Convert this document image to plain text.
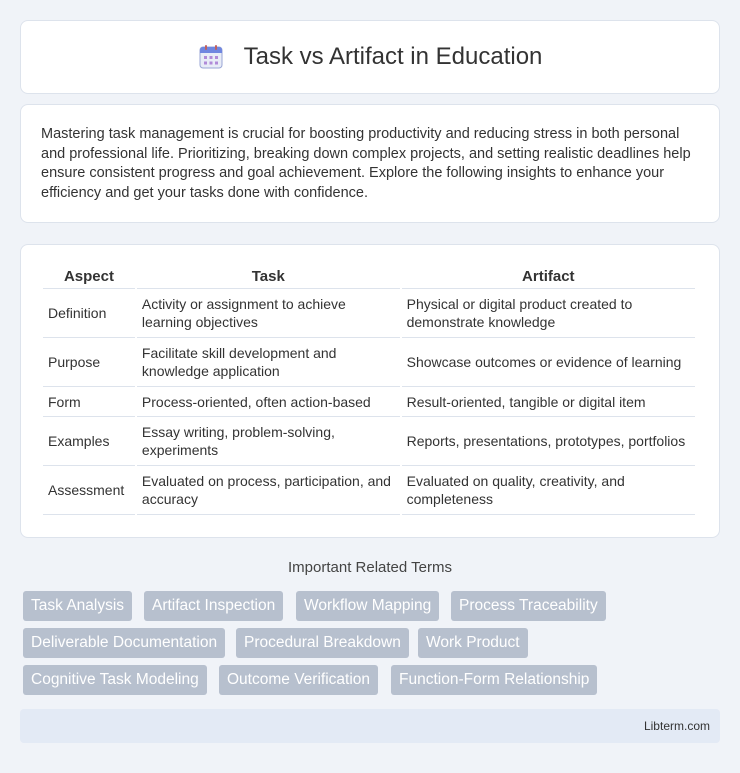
Task vs Artifact in Education

Mastering task management is crucial for boosting productivity and reducing stress in both personal and professional life. Prioritizing, breaking down complex projects, and setting realistic deadlines help ensure consistent progress and goal achievement. Explore the following insights to enhance your efficiency and get your tasks done with confidence.

Aspect	Task	Artifact
Definition	Activity or assignment to achieve learning objectives	Physical or digital product created to demonstrate knowledge
Purpose	Facilitate skill development and knowledge application	Showcase outcomes or evidence of learning
Form	Process-oriented, often action-based	Result-oriented, tangible or digital item
Examples	Essay writing, problem-solving, experiments	Reports, presentations, prototypes, portfolios
Assessment	Evaluated on process, participation, and accuracy	Evaluated on quality, creativity, and completeness
Important Related Terms
Task Analysis	Artifact Inspection	Workflow Mapping	Process Traceability
Deliverable Documentation	Procedural Breakdown	Work Product
Cognitive Task Modeling	Outcome Verification	Function-Form Relationship
Libterm.com
